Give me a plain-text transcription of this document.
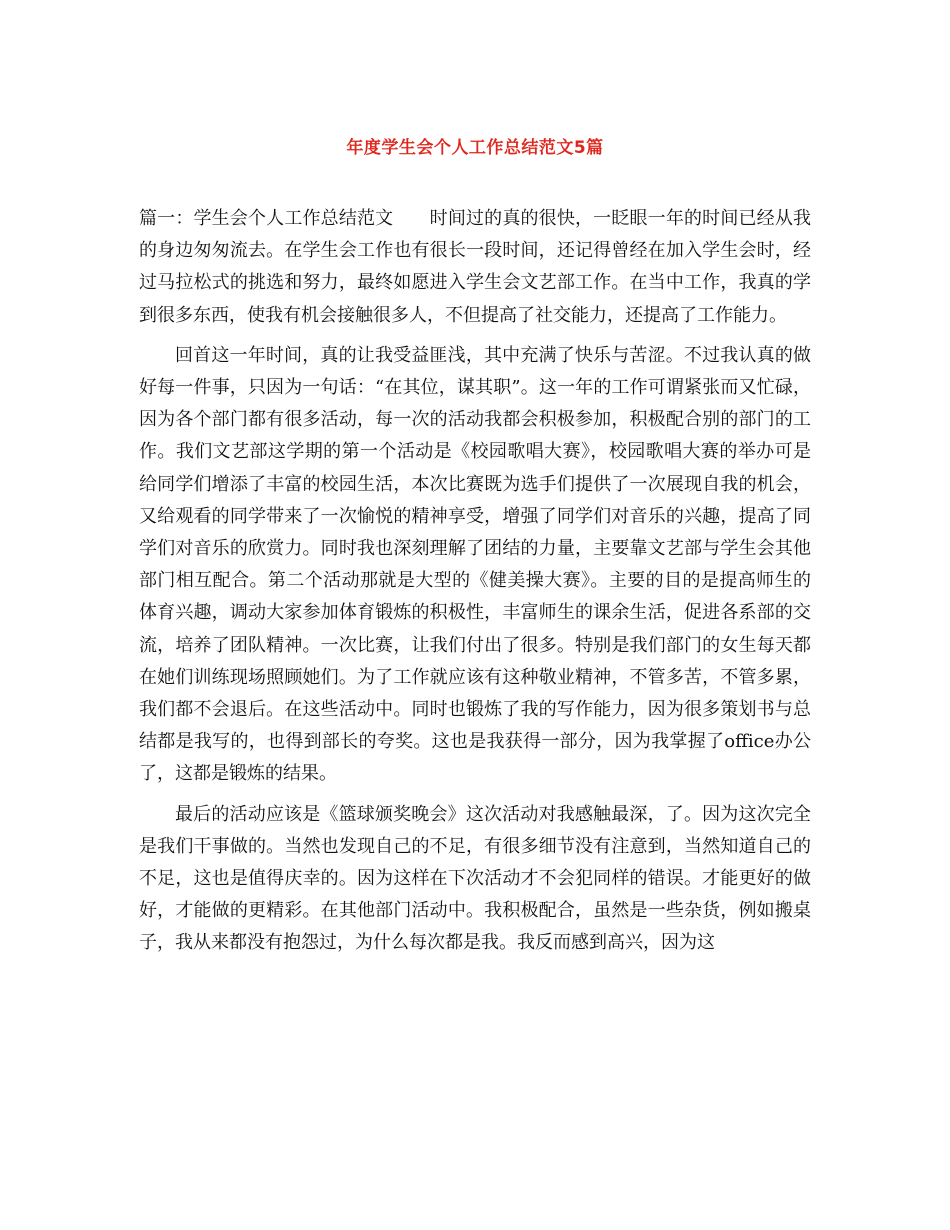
年度学生会个人工作总结范文5篇

篇一：学生会个人工作总结范文　　时间过的真的很快，一眨眼一年的时间已经从我的身边匆匆流去。在学生会工作也有很长一段时间，还记得曾经在加入学生会时，经过马拉松式的挑选和努力，最终如愿进入学生会文艺部工作。在当中工作，我真的学到很多东西，使我有机会接触很多人，不但提高了社交能力，还提高了工作能力。

回首这一年时间，真的让我受益匪浅，其中充满了快乐与苦涩。不过我认真的做好每一件事，只因为一句话：“在其位，谋其职”。这一年的工作可谓紧张而又忙碌，因为各个部门都有很多活动，每一次的活动我都会积极参加，积极配合别的部门的工作。我们文艺部这学期的第一个活动是《校园歌唱大赛》，校园歌唱大赛的举办可是给同学们增添了丰富的校园生活，本次比赛既为选手们提供了一次展现自我的机会，又给观看的同学带来了一次愉悦的精神享受，增强了同学们对音乐的兴趣，提高了同学们对音乐的欣赏力。同时我也深刻理解了团结的力量，主要靠文艺部与学生会其他部门相互配合。第二个活动那就是大型的《健美操大赛》。主要的目的是提高师生的体育兴趣，调动大家参加体育锻炼的积极性，丰富师生的课余生活，促进各系部的交流，培养了团队精神。一次比赛，让我们付出了很多。特别是我们部门的女生每天都在她们训练现场照顾她们。为了工作就应该有这种敬业精神，不管多苦，不管多累，我们都不会退后。在这些活动中。同时也锻炼了我的写作能力，因为很多策划书与总结都是我写的，也得到部长的夸奖。这也是我获得一部分，因为我掌握了office办公了，这都是锻炼的结果。

最后的活动应该是《篮球颁奖晚会》这次活动对我感触最深，了。因为这次完全是我们干事做的。当然也发现自己的不足，有很多细节没有注意到，当然知道自己的不足，这也是值得庆幸的。因为这样在下次活动才不会犯同样的错误。才能更好的做好，才能做的更精彩。在其他部门活动中。我积极配合，虽然是一些杂货，例如搬桌子，我从来都没有抱怨过，为什么每次都是我。我反而感到高兴，因为这
